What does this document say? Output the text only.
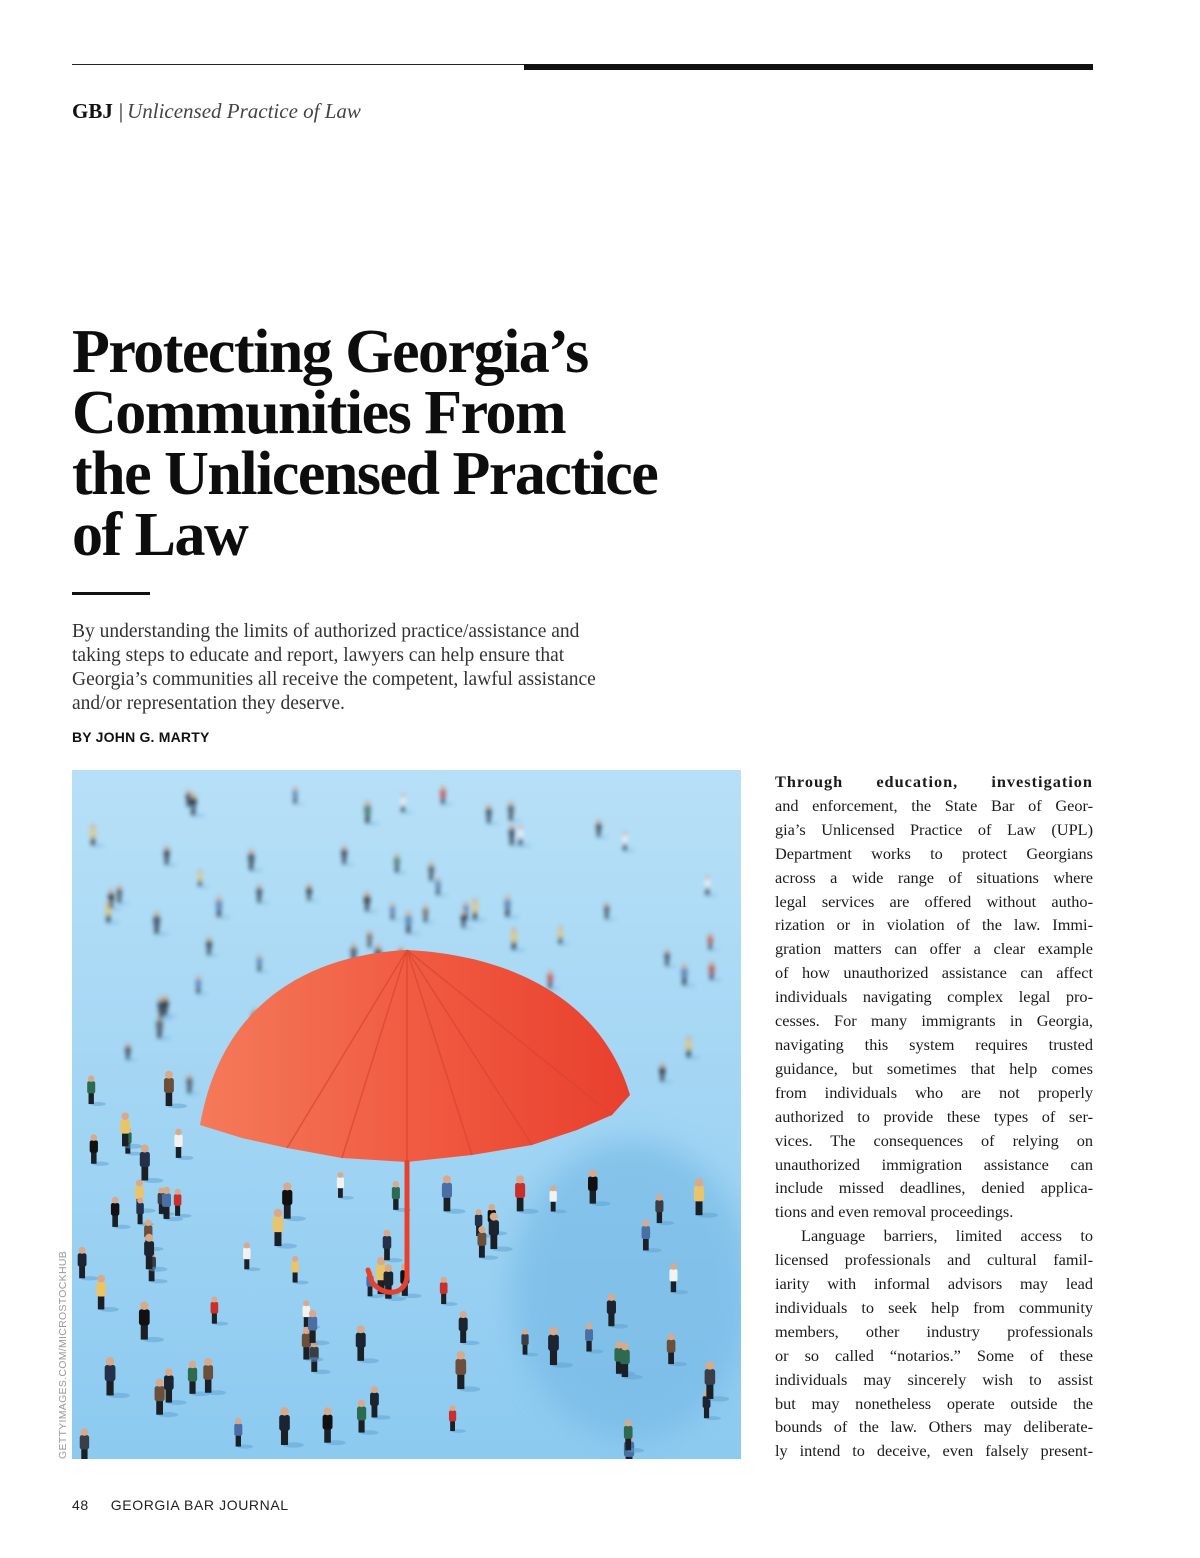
GBJ | Unlicensed Practice of Law
Protecting Georgia’s
Communities From
the Unlicensed Practice
of Law

By understanding the limits of authorized practice/assistance and
taking steps to educate and report, lawyers can help ensure that
Georgia’s communities all receive the competent, lawful assistance
and/or representation they deserve.

BY JOHN G. MARTY
GETTYIMAGES.COM/MICROSTOCKHUB
Through education, investigation
and enforcement, the State Bar of Geor-
gia’s Unlicensed Practice of Law (UPL)
Department works to protect Georgians
across a wide range of situations where
legal services are offered without autho-
rization or in violation of the law. Immi-
gration matters can offer a clear example
of how unauthorized assistance can affect
individuals navigating complex legal pro-
cesses. For many immigrants in Georgia,
navigating this system requires trusted
guidance, but sometimes that help comes
from individuals who are not properly
authorized to provide these types of ser-
vices. The consequences of relying on
unauthorized immigration assistance can
include missed deadlines, denied applica-
tions and even removal proceedings.
Language barriers, limited access to
licensed professionals and cultural famil-
iarity with informal advisors may lead
individuals to seek help from community
members, other industry professionals
or so called “notarios.” Some of these
individuals may sincerely wish to assist
but may nonetheless operate outside the
bounds of the law. Others may deliberate-
ly intend to deceive, even falsely present-
48 GEORGIA BAR JOURNAL
